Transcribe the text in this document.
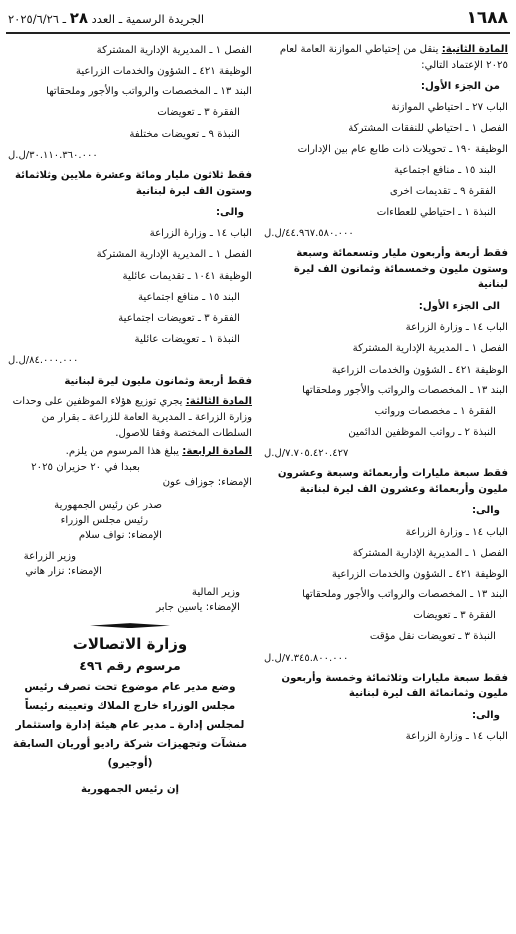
١٦٨٨
الجريدة الرسمية ـ العدد ٢٨ ـ ٢٠٢٥/٦/٢٦
المادة الثانية: ينقل من إحتياطي الموازنة العامة لعام ٢٠٢٥ الإعتماد التالي:
من الجزء الأول:
الباب ٢٧ ـ احتياطي الموازنة
الفصل ١ ـ احتياطي للنفقات المشتركة
الوظيفة ١٩٠ ـ تحويلات ذات طابع عام بين الإدارات
البند ١٥ ـ منافع اجتماعية
الفقرة ٩ ـ تقديمات اخرى
النبذة ١ ـ احتياطي للعطاءات
٤٤.٩٦٧.٥٨٠.٠٠٠/ل.ل
فقط أربعة وأربعون مليار وتسعمائة وسبعة وستون مليون وخمسمائة وثمانون الف ليرة لبنانية
الى الجزء الأول:
الباب ١٤ ـ وزارة الزراعة
الفصل ١ ـ المديرية الإدارية المشتركة
الوظيفة ٤٢١ ـ الشؤون والخدمات الزراعية
البند ١٣ ـ المخصصات والرواتب والأجور وملحقاتها
الفقرة ١ ـ مخصصات ورواتب
النبذة ٢ ـ رواتب الموظفين الدائمين
٧.٧٠٥.٤٢٠.٤٢٧/ل.ل
فقط سبعة مليارات وأربعمائة وسبعة وعشرون مليون وأربعمائة وعشرون الف ليرة لبنانية
والى:
الباب ١٤ ـ وزارة الزراعة
الفصل ١ ـ المديرية الإدارية المشتركة
الوظيفة ٤٢١ ـ الشؤون والخدمات الزراعية
البند ١٣ ـ المخصصات والرواتب والأجور وملحقاتها
الفقرة ٣ ـ تعويضات
النبذة ٣ ـ تعويضات نقل مؤقت
٧.٣٤٥.٨٠٠.٠٠٠/ل.ل
فقط سبعة مليارات وثلاثمائة وخمسة وأربعون مليون وثمانمائة الف ليرة لبنانية
والى:
الباب ١٤ ـ وزارة الزراعة
الفصل ١ ـ المديرية الإدارية المشتركة
الوظيفة ٤٢١ ـ الشؤون والخدمات الزراعية
البند ١٣ ـ المخصصات والرواتب والأجور وملحقاتها
الفقرة ٣ ـ تعويضات
النبذة ٩ ـ تعويضات مختلفة
٣٠.١١٠.٣٦٠.٠٠٠/ل.ل
فقط ثلاثون مليار ومائة وعشرة ملايين وثلاثمائة وستون الف ليرة لبنانية
والى:
الباب ١٤ ـ وزارة الزراعة
الفصل ١ ـ المديرية الإدارية المشتركة
الوظيفة ١٠٤١ ـ تقديمات عائلية
البند ١٥ ـ منافع اجتماعية
الفقرة ٣ ـ تعويضات اجتماعية
النبذة ١ ـ تعويضات عائلية
٨٤.٠٠٠.٠٠٠/ل.ل
فقط أربعة وثمانون مليون ليرة لبنانية
المادة الثالثة: يجري توزيع هؤلاء الموظفين على وحدات وزارة الزراعة ـ المديرية العامة للزراعة ـ بقرار من السلطات المختصة وفقا للاصول.
المادة الرابعة: يبلغ هذا المرسوم من يلزم.
بعبدا في ٢٠ حزيران ٢٠٢٥
الإمضاء: جوزاف عون
صدر عن رئيس الجمهورية
رئيس مجلس الوزراء
الإمضاء: نواف سلام
وزير الزراعة
الإمضاء: نزار هاني
وزير المالية
الإمضاء: ياسين جابر
وزارة الاتصالات
مرسوم رقم ٤٩٦
وضع مدير عام موضوع تحت تصرف رئيس مجلس الوزراء خارج الملاك وتعيينه رئيساً لمجلس إدارة ـ مدير عام هيئة إدارة واستثمار منشآت وتجهيزات شركة راديو أوريان السابقة (أوجيرو)
إن رئيس الجمهورية
